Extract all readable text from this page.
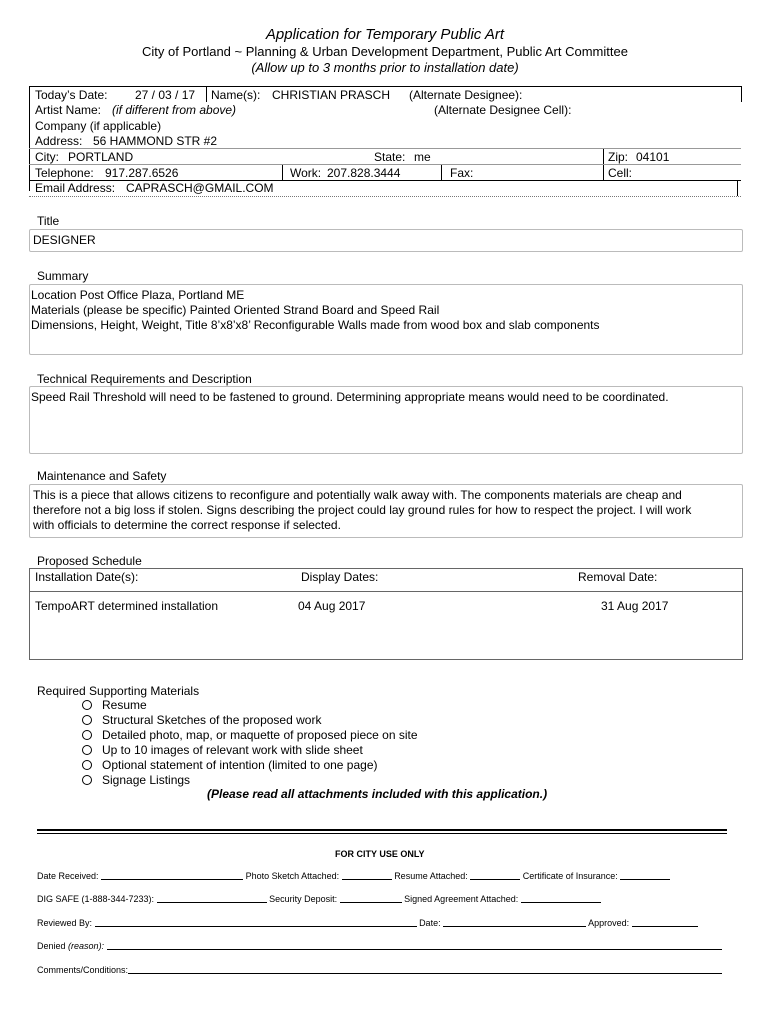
Application for Temporary Public Art
City of Portland ~ Planning & Urban Development Department, Public Art Committee
(Allow up to 3 months prior to installation date)
Today’s Date: 27 / 03 / 17 Name(s): CHRISTIAN PRASCH (Alternate Designee):
Artist Name: (if different from above)	(Alternate Designee Cell):
Company (if applicable)
Address: 56 HAMMOND STR #2
City: PORTLAND	State: me	Zip: 04101
Telephone: 917.287.6526	Work: 207.828.3444	Fax:	Cell:
Email Address: CAPRASCH@GMAIL.COM
Title
DESIGNER
Summary
Location Post Office Plaza, Portland ME
Materials (please be specific) Painted Oriented Strand Board and Speed Rail
Dimensions, Height, Weight, Title 8’x8’x8’ Reconfigurable Walls made from wood box and slab components
Technical Requirements and Description
Speed Rail Threshold will need to be fastened to ground. Determining appropriate means would need to be coordinated.
Maintenance and Safety
This is a piece that allows citizens to reconfigure and potentially walk away with. The components materials are cheap and
therefore not a big loss if stolen. Signs describing the project could lay ground rules for how to respect the project. I will work
with officials to determine the correct response if selected.
Proposed Schedule
Installation Date(s):	Display Dates:	Removal Date:
TempoART determined installation	04 Aug 2017	31 Aug 2017
Required Supporting Materials
Resume
Structural Sketches of the proposed work
Detailed photo, map, or maquette of proposed piece on site
Up to 10 images of relevant work with slide sheet
Optional statement of intention (limited to one page)
Signage Listings
(Please read all attachments included with this application.)
FOR CITY USE ONLY
Date Received:	Photo Sketch Attached:	Resume Attached:	Certificate of Insurance:
DIG SAFE (1-888-344-7233):	Security Deposit:	Signed Agreement Attached:
Reviewed By:	Date:	Approved:
Denied (reason):
Comments/Conditions:
